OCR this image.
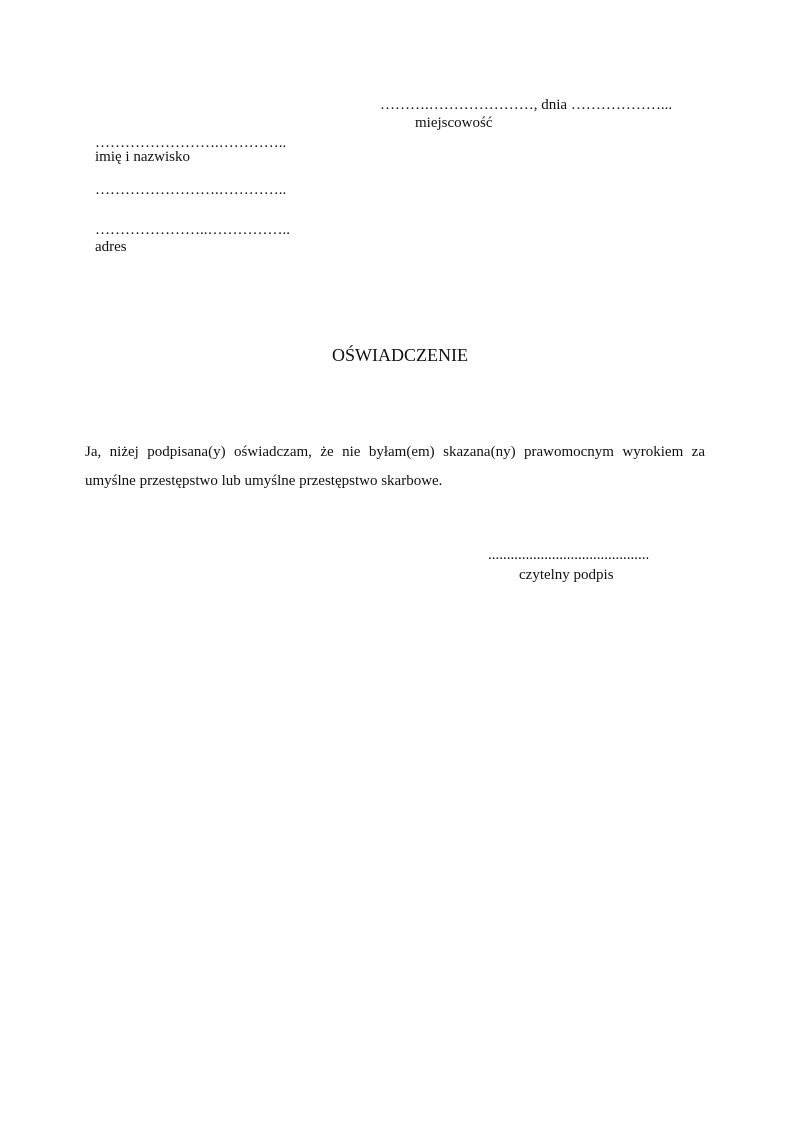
……….…………………, dnia ………………...
miejscowość
…………………….…………..
imię i nazwisko
…………………….…………..
…………………..……………..
adres
OŚWIADCZENIE
Ja, niżej podpisana(y) oświadczam, że nie byłam(em) skazana(ny) prawomocnym wyrokiem za umyślne przestępstwo lub umyślne przestępstwo skarbowe.
...........................................
czytelny podpis
